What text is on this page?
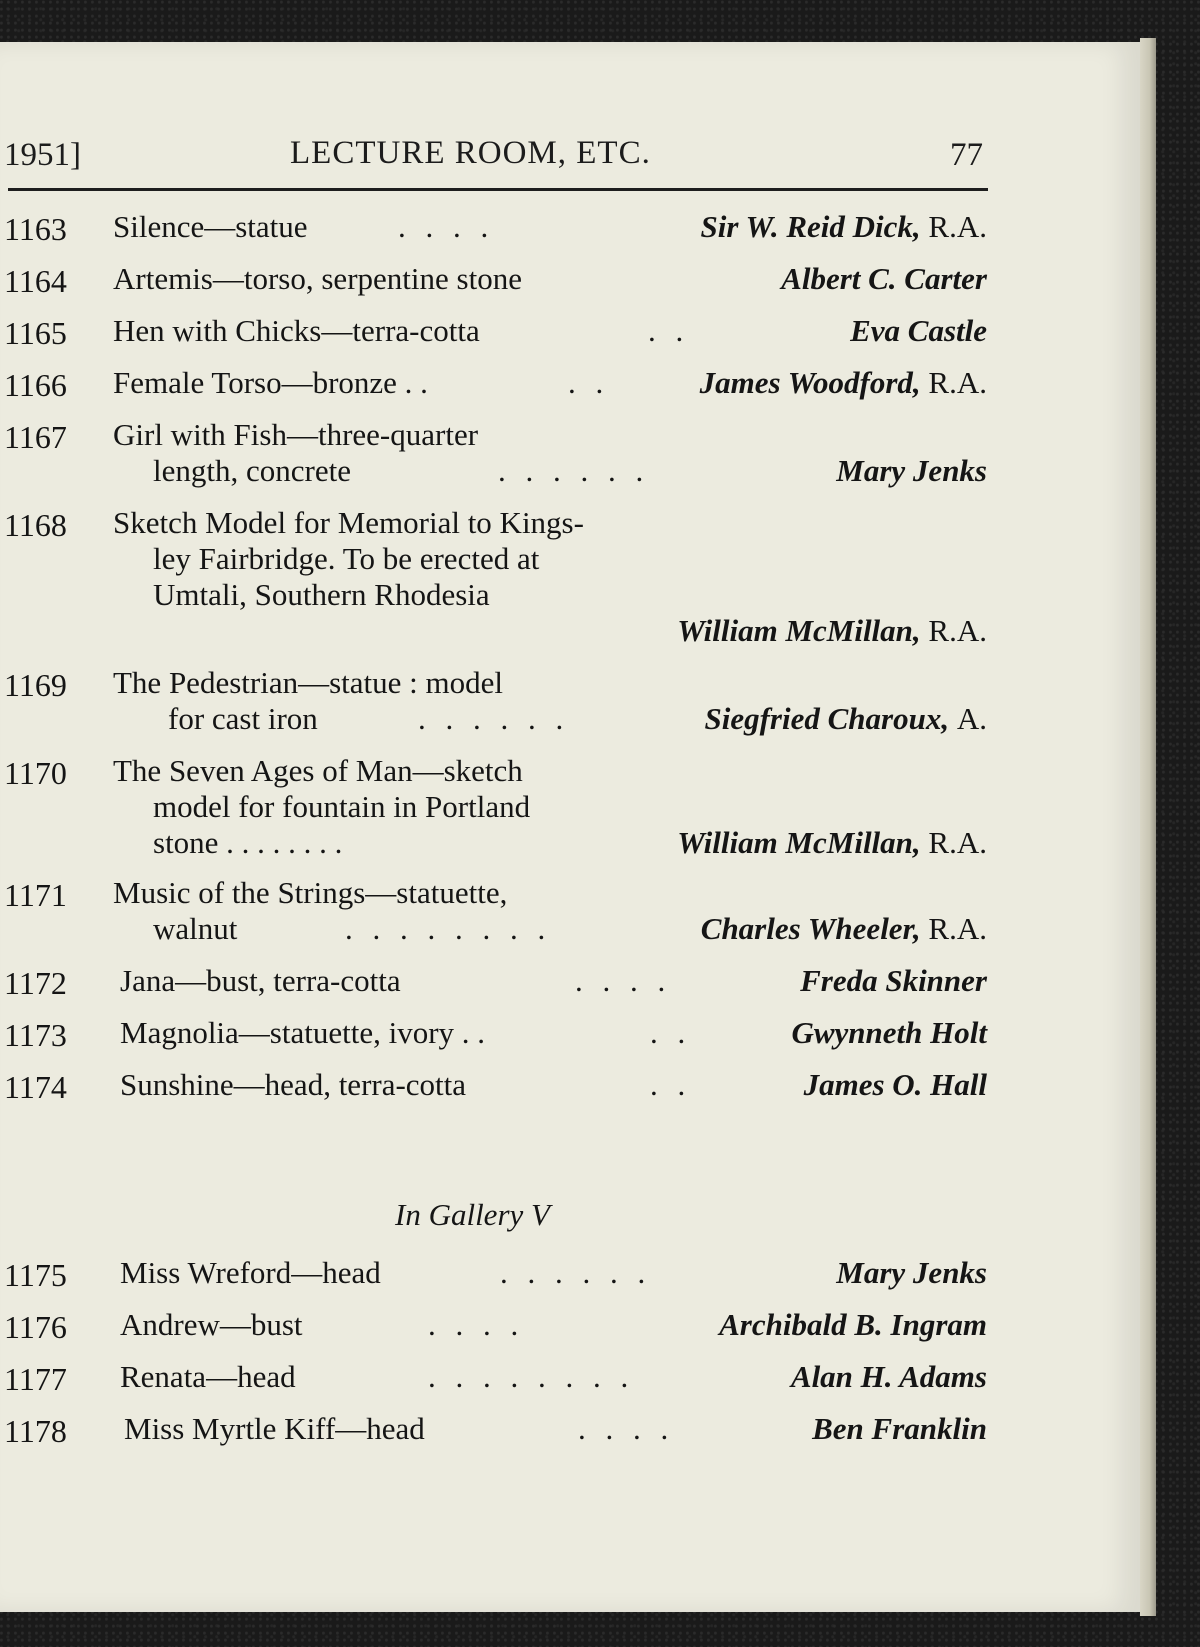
1951]	LECTURE ROOM, ETC.	77
1163 Silence—statue	. . . .	Sir W. Reid Dick, R.A.
1164 Artemis—torso, serpentine stone	Albert C. Carter
1165 Hen with Chicks—terra-cotta	. .	Eva Castle
1166 Female Torso—bronze . .	. .	James Woodford, R.A.
1167 Girl with Fish—three-quarter
length, concrete	. . . . . .	Mary Jenks
1168 Sketch Model for Memorial to Kings-
ley Fairbridge. To be erected at
Umtali, Southern Rhodesia
William McMillan, R.A.
1169 The Pedestrian—statue : model
for cast iron	. . . . . .	Siegfried Charoux, A.
1170 The Seven Ages of Man—sketch
model for fountain in Portland
stone . . . . . . . .	William McMillan, R.A.
1171 Music of the Strings—statuette,
walnut	. . . . . . . .	Charles Wheeler, R.A.
1172 Jana—bust, terra-cotta	. . . .	Freda Skinner
1173 Magnolia—statuette, ivory . .	. .	Gwynneth Holt
1174 Sunshine—head, terra-cotta	. .	James O. Hall
In Gallery V
1175 Miss Wreford—head	. . . . . .	Mary Jenks
1176 Andrew—bust	. . . .	Archibald B. Ingram
1177 Renata—head	. . . . . . . .	Alan H. Adams
1178 Miss Myrtle Kiff—head	. . . .	Ben Franklin
